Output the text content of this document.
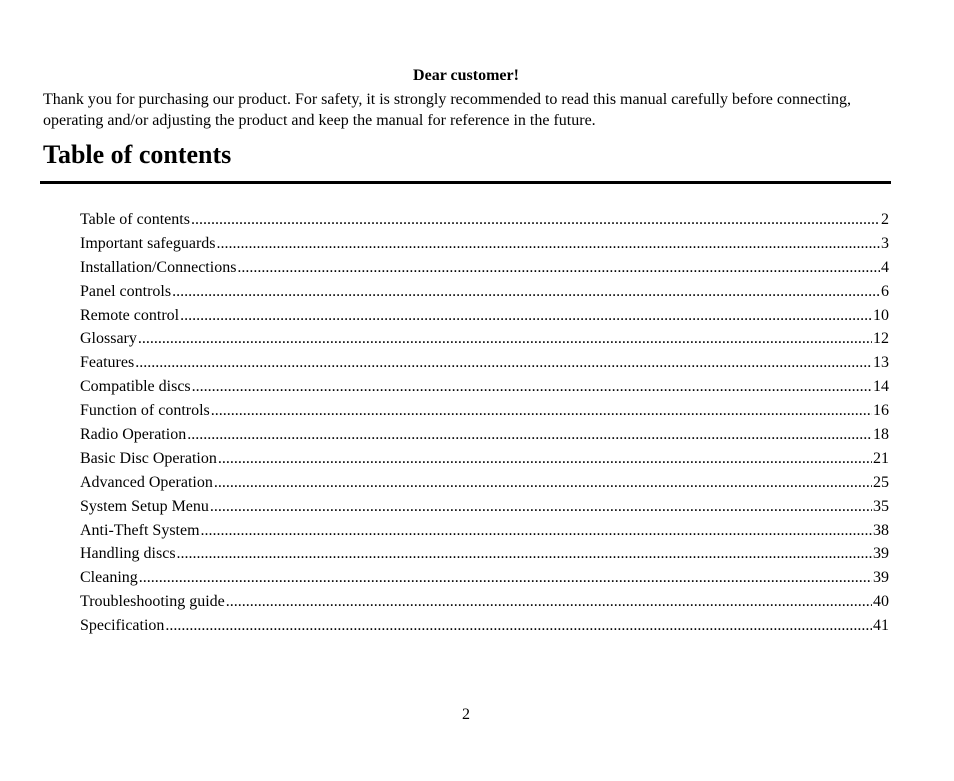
Dear customer!
Thank you for purchasing our product. For safety, it is strongly recommended to read this manual carefully before connecting, operating and/or adjusting the product and keep the manual for reference in the future.
Table of contents
Table of contents .....	2
Important safeguards .....	3
Installation/Connections .....	4
Panel controls .....	6
Remote control .....	10
Glossary .....	12
Features .....	13
Compatible discs .....	14
Function of controls .....	16
Radio Operation .....	18
Basic Disc Operation .....	21
Advanced Operation .....	25
System Setup Menu .....	35
Anti-Theft System .....	38
Handling discs .....	39
Cleaning .....	39
Troubleshooting guide .....	40
Specification .....	41
2
